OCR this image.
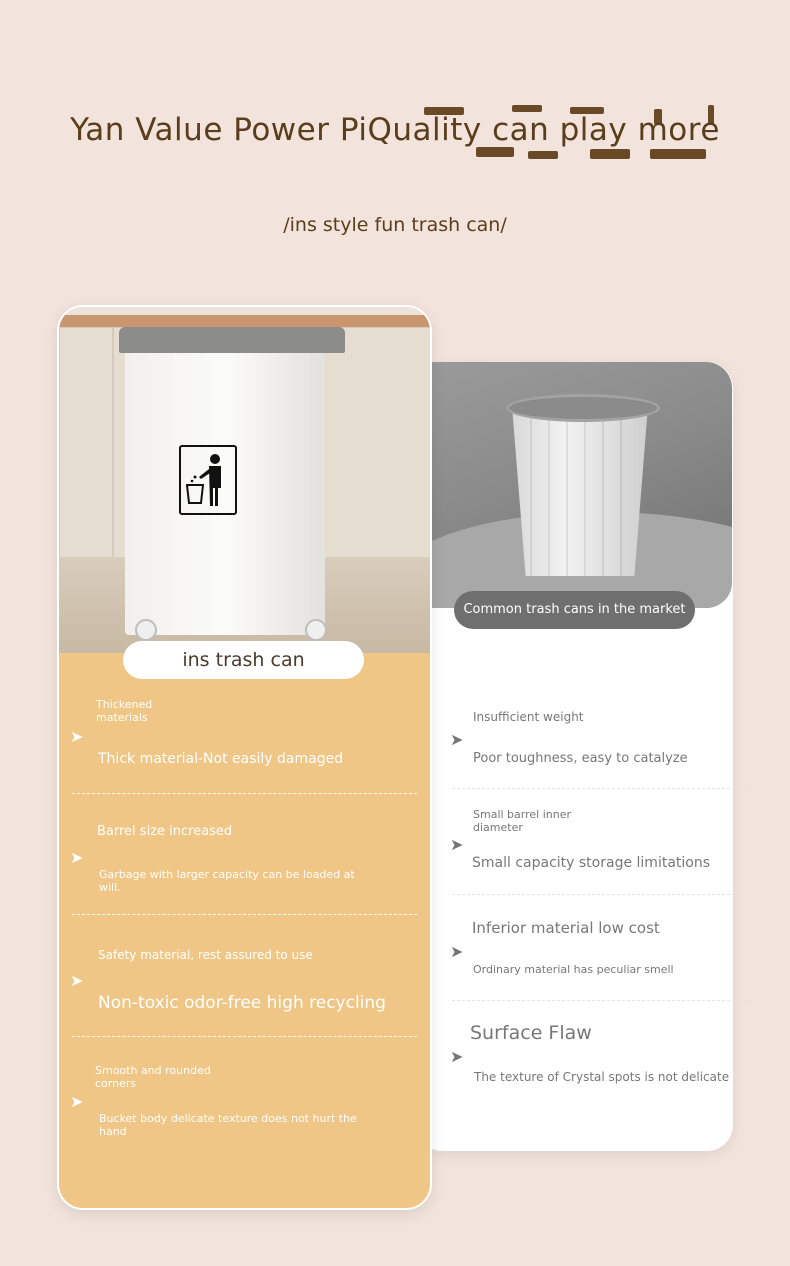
Yan Value Power PiQuality can play more
/ins style fun trash can/
Common trash cans in the market
ins trash can
➤
Thickened
materials
Thick material-Not easily damaged
➤
Barrel size increased
Garbage with larger capacity can be loaded at
will.
➤
Safety material, rest assured to use
Non-toxic odor-free high recycling
➤
Smooth and rounded
corners
Bucket body delicate texture does not hurt the
hand
➤
Insufficient weight
Poor toughness, easy to catalyze
➤
Small barrel inner
diameter
Small capacity storage limitations
➤
Inferior material low cost
Ordinary material has peculiar smell
➤
Surface Flaw
The texture of Crystal spots is not delicate
